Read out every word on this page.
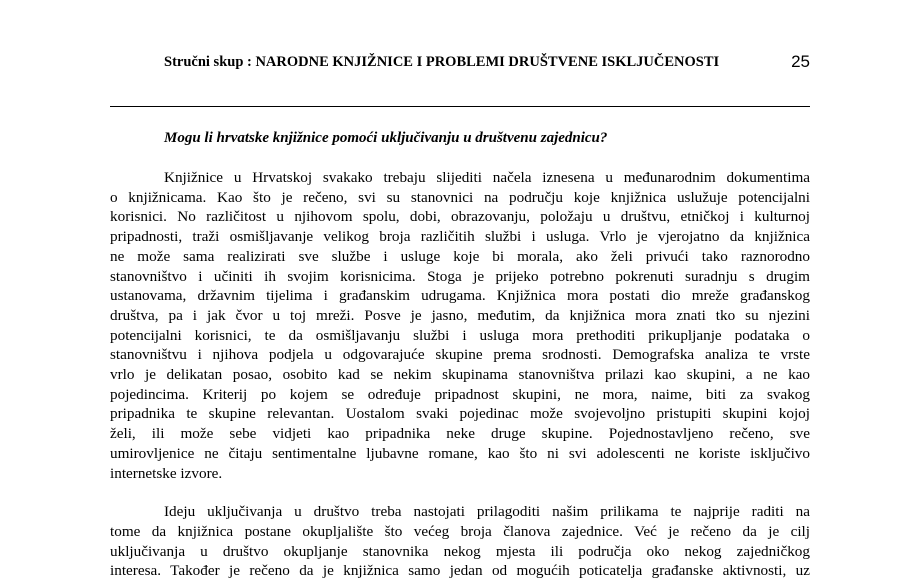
Stručni skup : NARODNE KNJIŽNICE I PROBLEMI DRUŠTVENE ISKLJUČENOSTI	25
Mogu li hrvatske knjižnice pomoći uključivanju u društvenu zajednicu?
Knjižnice u Hrvatskoj svakako trebaju slijediti načela iznesena u međunarodnim dokumentima
o knjižnicama. Kao što je rečeno, svi su stanovnici na području koje knjižnica uslužuje potencijalni
korisnici. No različitost u njihovom spolu, dobi, obrazovanju, položaju u društvu, etničkoj i kulturnoj
pripadnosti, traži osmišljavanje velikog broja različitih službi i usluga. Vrlo je vjerojatno da knjižnica
ne može sama realizirati sve službe i usluge koje bi morala, ako želi privući tako raznorodno
stanovništvo i učiniti ih svojim korisnicima. Stoga je prijeko potrebno pokrenuti suradnju s drugim
ustanovama, državnim tijelima i građanskim udrugama. Knjižnica mora postati dio mreže građanskog
društva, pa i jak čvor u toj mreži. Posve je jasno, međutim, da knjižnica mora znati tko su njezini
potencijalni korisnici, te da osmišljavanju službi i usluga mora prethoditi prikupljanje podataka o
stanovništvu i njihova podjela u odgovarajuće skupine prema srodnosti. Demografska analiza te vrste
vrlo je delikatan posao, osobito kad se nekim skupinama stanovništva prilazi kao skupini, a ne kao
pojedincima. Kriterij po kojem se određuje pripadnost skupini, ne mora, naime, biti za svakog
pripadnika te skupine relevantan. Uostalom svaki pojedinac može svojevoljno pristupiti skupini kojoj
želi, ili može sebe vidjeti kao pripadnika neke druge skupine. Pojednostavljeno rečeno, sve
umirovljenice ne čitaju sentimentalne ljubavne romane, kao što ni svi adolescenti ne koriste isključivo
internetske izvore.
Ideju uključivanja u društvo treba nastojati prilagoditi našim prilikama te najprije raditi na
tome da knjižnica postane okupljalište što većeg broja članova zajednice. Već je rečeno da je cilj
uključivanja u društvo okupljanje stanovnika nekog mjesta ili područja oko nekog zajedničkog
interesa. Također je rečeno da je knjižnica samo jedan od mogućih poticatelja građanske aktivnosti, uz
